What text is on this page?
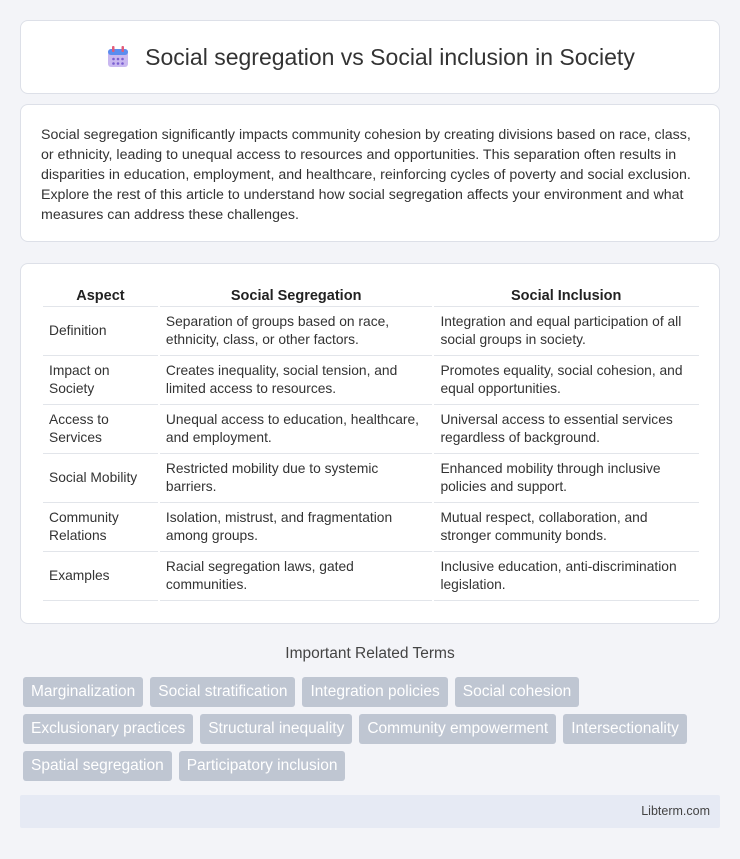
Social segregation vs Social inclusion in Society

Social segregation significantly impacts community cohesion by creating divisions based on race, class, or ethnicity, leading to unequal access to resources and opportunities. This separation often results in disparities in education, employment, and healthcare, reinforcing cycles of poverty and social exclusion. Explore the rest of this article to understand how social segregation affects your environment and what measures can address these challenges.

Aspect	Social Segregation	Social Inclusion
Definition	Separation of groups based on race, ethnicity, class, or other factors.	Integration and equal participation of all social groups in society.
Impact on Society	Creates inequality, social tension, and limited access to resources.	Promotes equality, social cohesion, and equal opportunities.
Access to Services	Unequal access to education, healthcare, and employment.	Universal access to essential services regardless of background.
Social Mobility	Restricted mobility due to systemic barriers.	Enhanced mobility through inclusive policies and support.
Community Relations	Isolation, mistrust, and fragmentation among groups.	Mutual respect, collaboration, and stronger community bonds.
Examples	Racial segregation laws, gated communities.	Inclusive education, anti-discrimination legislation.
Important Related Terms
Marginalization	Social stratification	Integration policies	Social cohesion
Exclusionary practices	Structural inequality	Community empowerment	Intersectionality
Spatial segregation	Participatory inclusion
Libterm.com
